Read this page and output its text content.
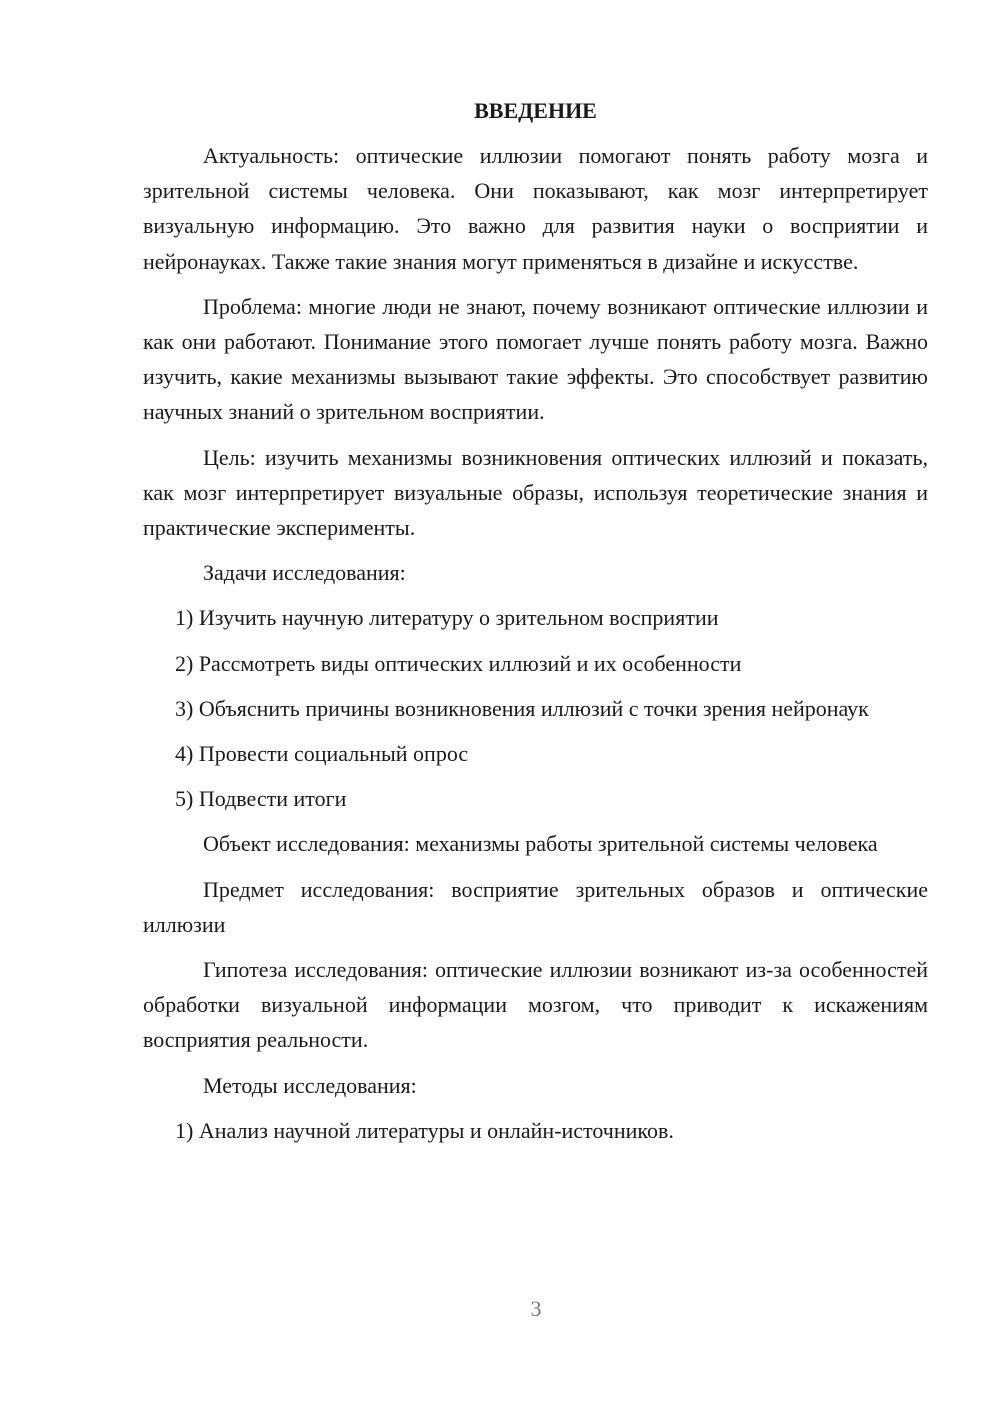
ВВЕДЕНИЕ

Актуальность: оптические иллюзии помогают понять работу мозга и зрительной системы человека. Они показывают, как мозг интерпретирует визуальную информацию. Это важно для развития науки о восприятии и нейронауках. Также такие знания могут применяться в дизайне и искусстве.

Проблема: многие люди не знают, почему возникают оптические иллюзии и как они работают. Понимание этого помогает лучше понять работу мозга. Важно изучить, какие механизмы вызывают такие эффекты. Это способствует развитию научных знаний о зрительном восприятии.

Цель: изучить механизмы возникновения оптических иллюзий и показать, как мозг интерпретирует визуальные образы, используя теоретические знания и практические эксперименты.

Задачи исследования:

1) Изучить научную литературу о зрительном восприятии

2) Рассмотреть виды оптических иллюзий и их особенности

3) Объяснить причины возникновения иллюзий с точки зрения нейронаук

4) Провести социальный опрос

5) Подвести итоги

Объект исследования: механизмы работы зрительной системы человека

Предмет исследования: восприятие зрительных образов и оптические иллюзии

Гипотеза исследования: оптические иллюзии возникают из-за особенностей обработки визуальной информации мозгом, что приводит к искажениям восприятия реальности.

Методы исследования:

1) Анализ научной литературы и онлайн-источников.

3
